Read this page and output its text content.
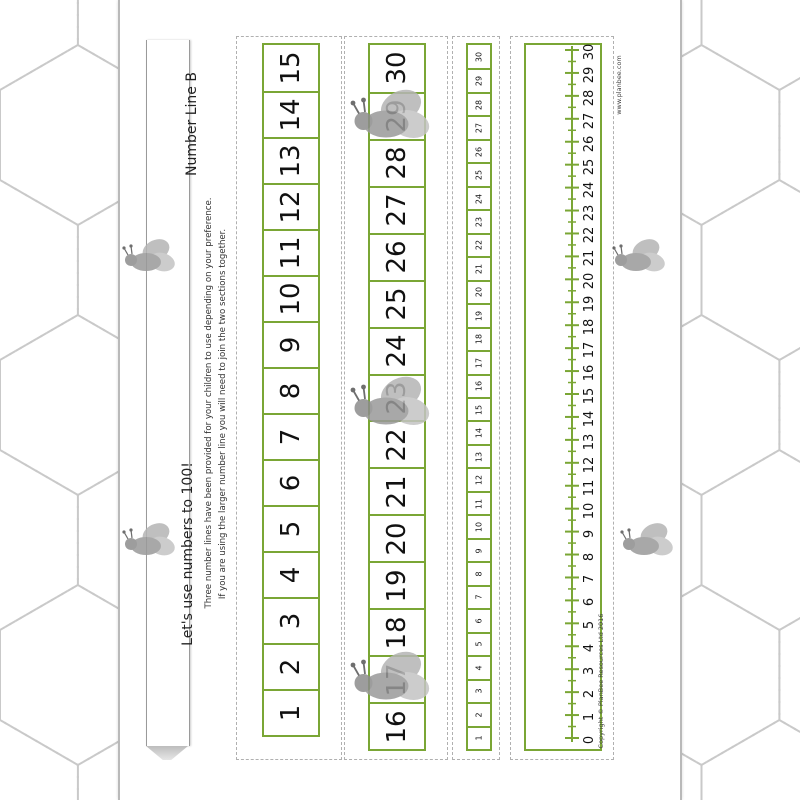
Number Line B
Let's use numbers to 100! Three number lines have been provided for your children to use depending on your preference. If you are using the larger number line you will need to join the two sections together.
1
2
3
4
5
6
7
8
9
10
11
12
13
14
15
16
18
19
20
21
22
24
25
26
27
28
30
1
2
3
4
5
6
7
8
9
10
11
12
13
14
15
16
17
18
19
20
21
22
23
24
25
26
27
28
29
30
0
1
2
3
4
5
6
7
8
9
10
11
12
13
14
15
16
17
18
19
20
21
22
23
24
25
26
27
28
29
30
Copyright © PlanBee Resources Ltd 2016
www.planbee.com
